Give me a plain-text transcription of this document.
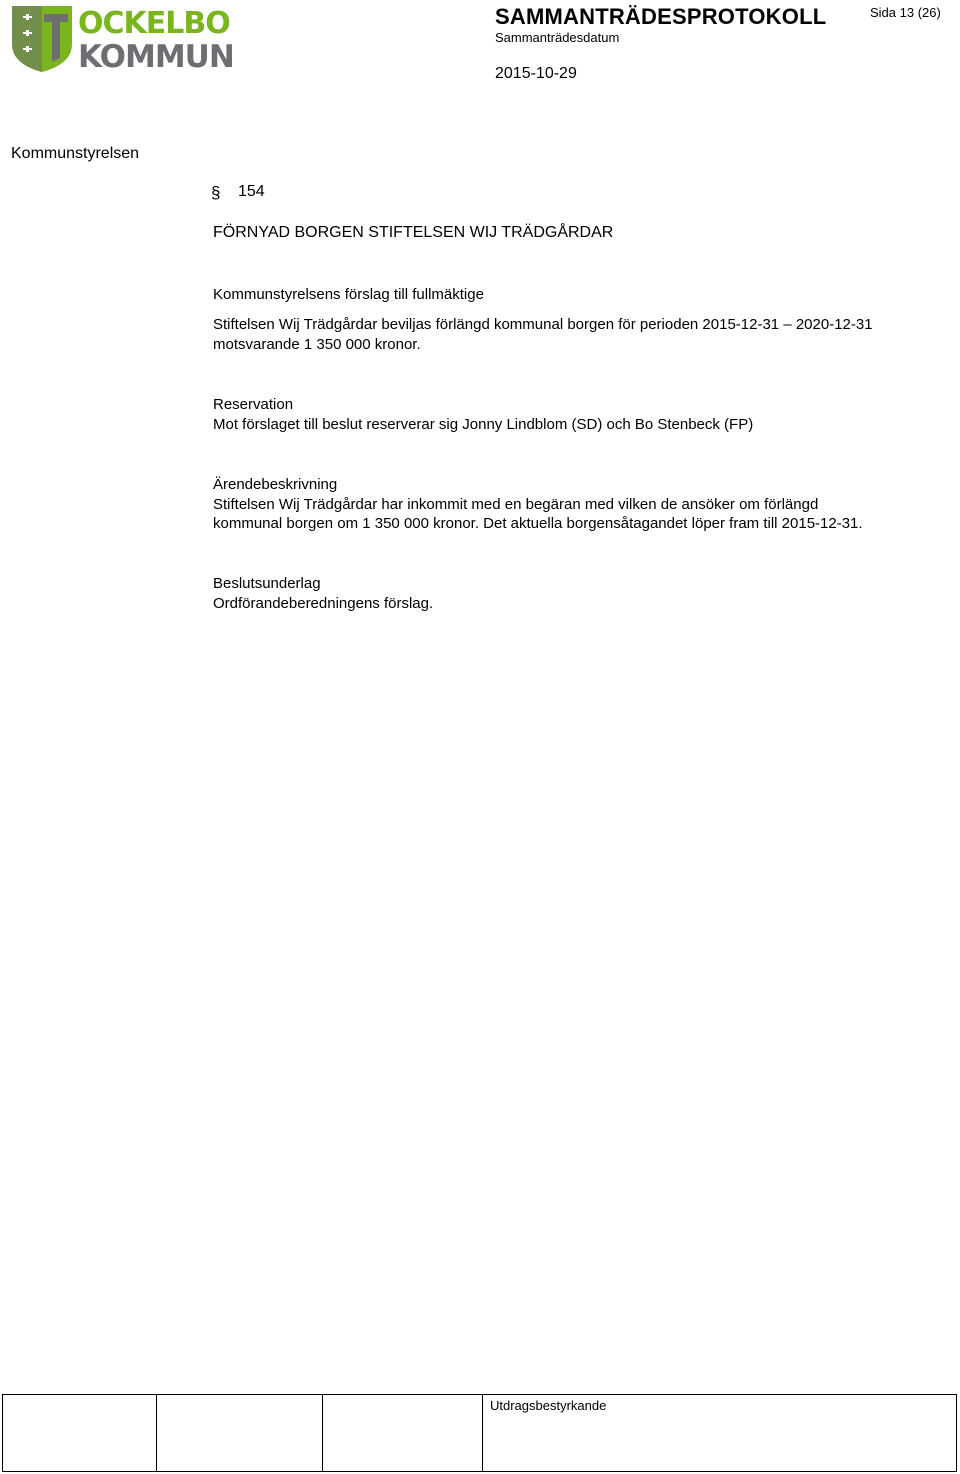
OCKELBO
KOMMUN
SAMMANTRÄDESPROTOKOLL
Sammanträdesdatum
2015-10-29
Sida 13 (26)
Kommunstyrelsen
§ 154
FÖRNYAD BORGEN STIFTELSEN WIJ TRÄDGÅRDAR
Kommunstyrelsens förslag till fullmäktige
Stiftelsen Wij Trädgårdar beviljas förlängd kommunal borgen för perioden 2015-12-31 – 2020-12-31
motsvarande 1 350 000 kronor.
Reservation
Mot förslaget till beslut reserverar sig Jonny Lindblom (SD) och Bo Stenbeck (FP)
Ärendebeskrivning
Stiftelsen Wij Trädgårdar har inkommit med en begäran med vilken de ansöker om förlängd
kommunal borgen om 1 350 000 kronor. Det aktuella borgensåtagandet löper fram till 2015-12-31.
Beslutsunderlag
Ordförandeberedningens förslag.
Utdragsbestyrkande
